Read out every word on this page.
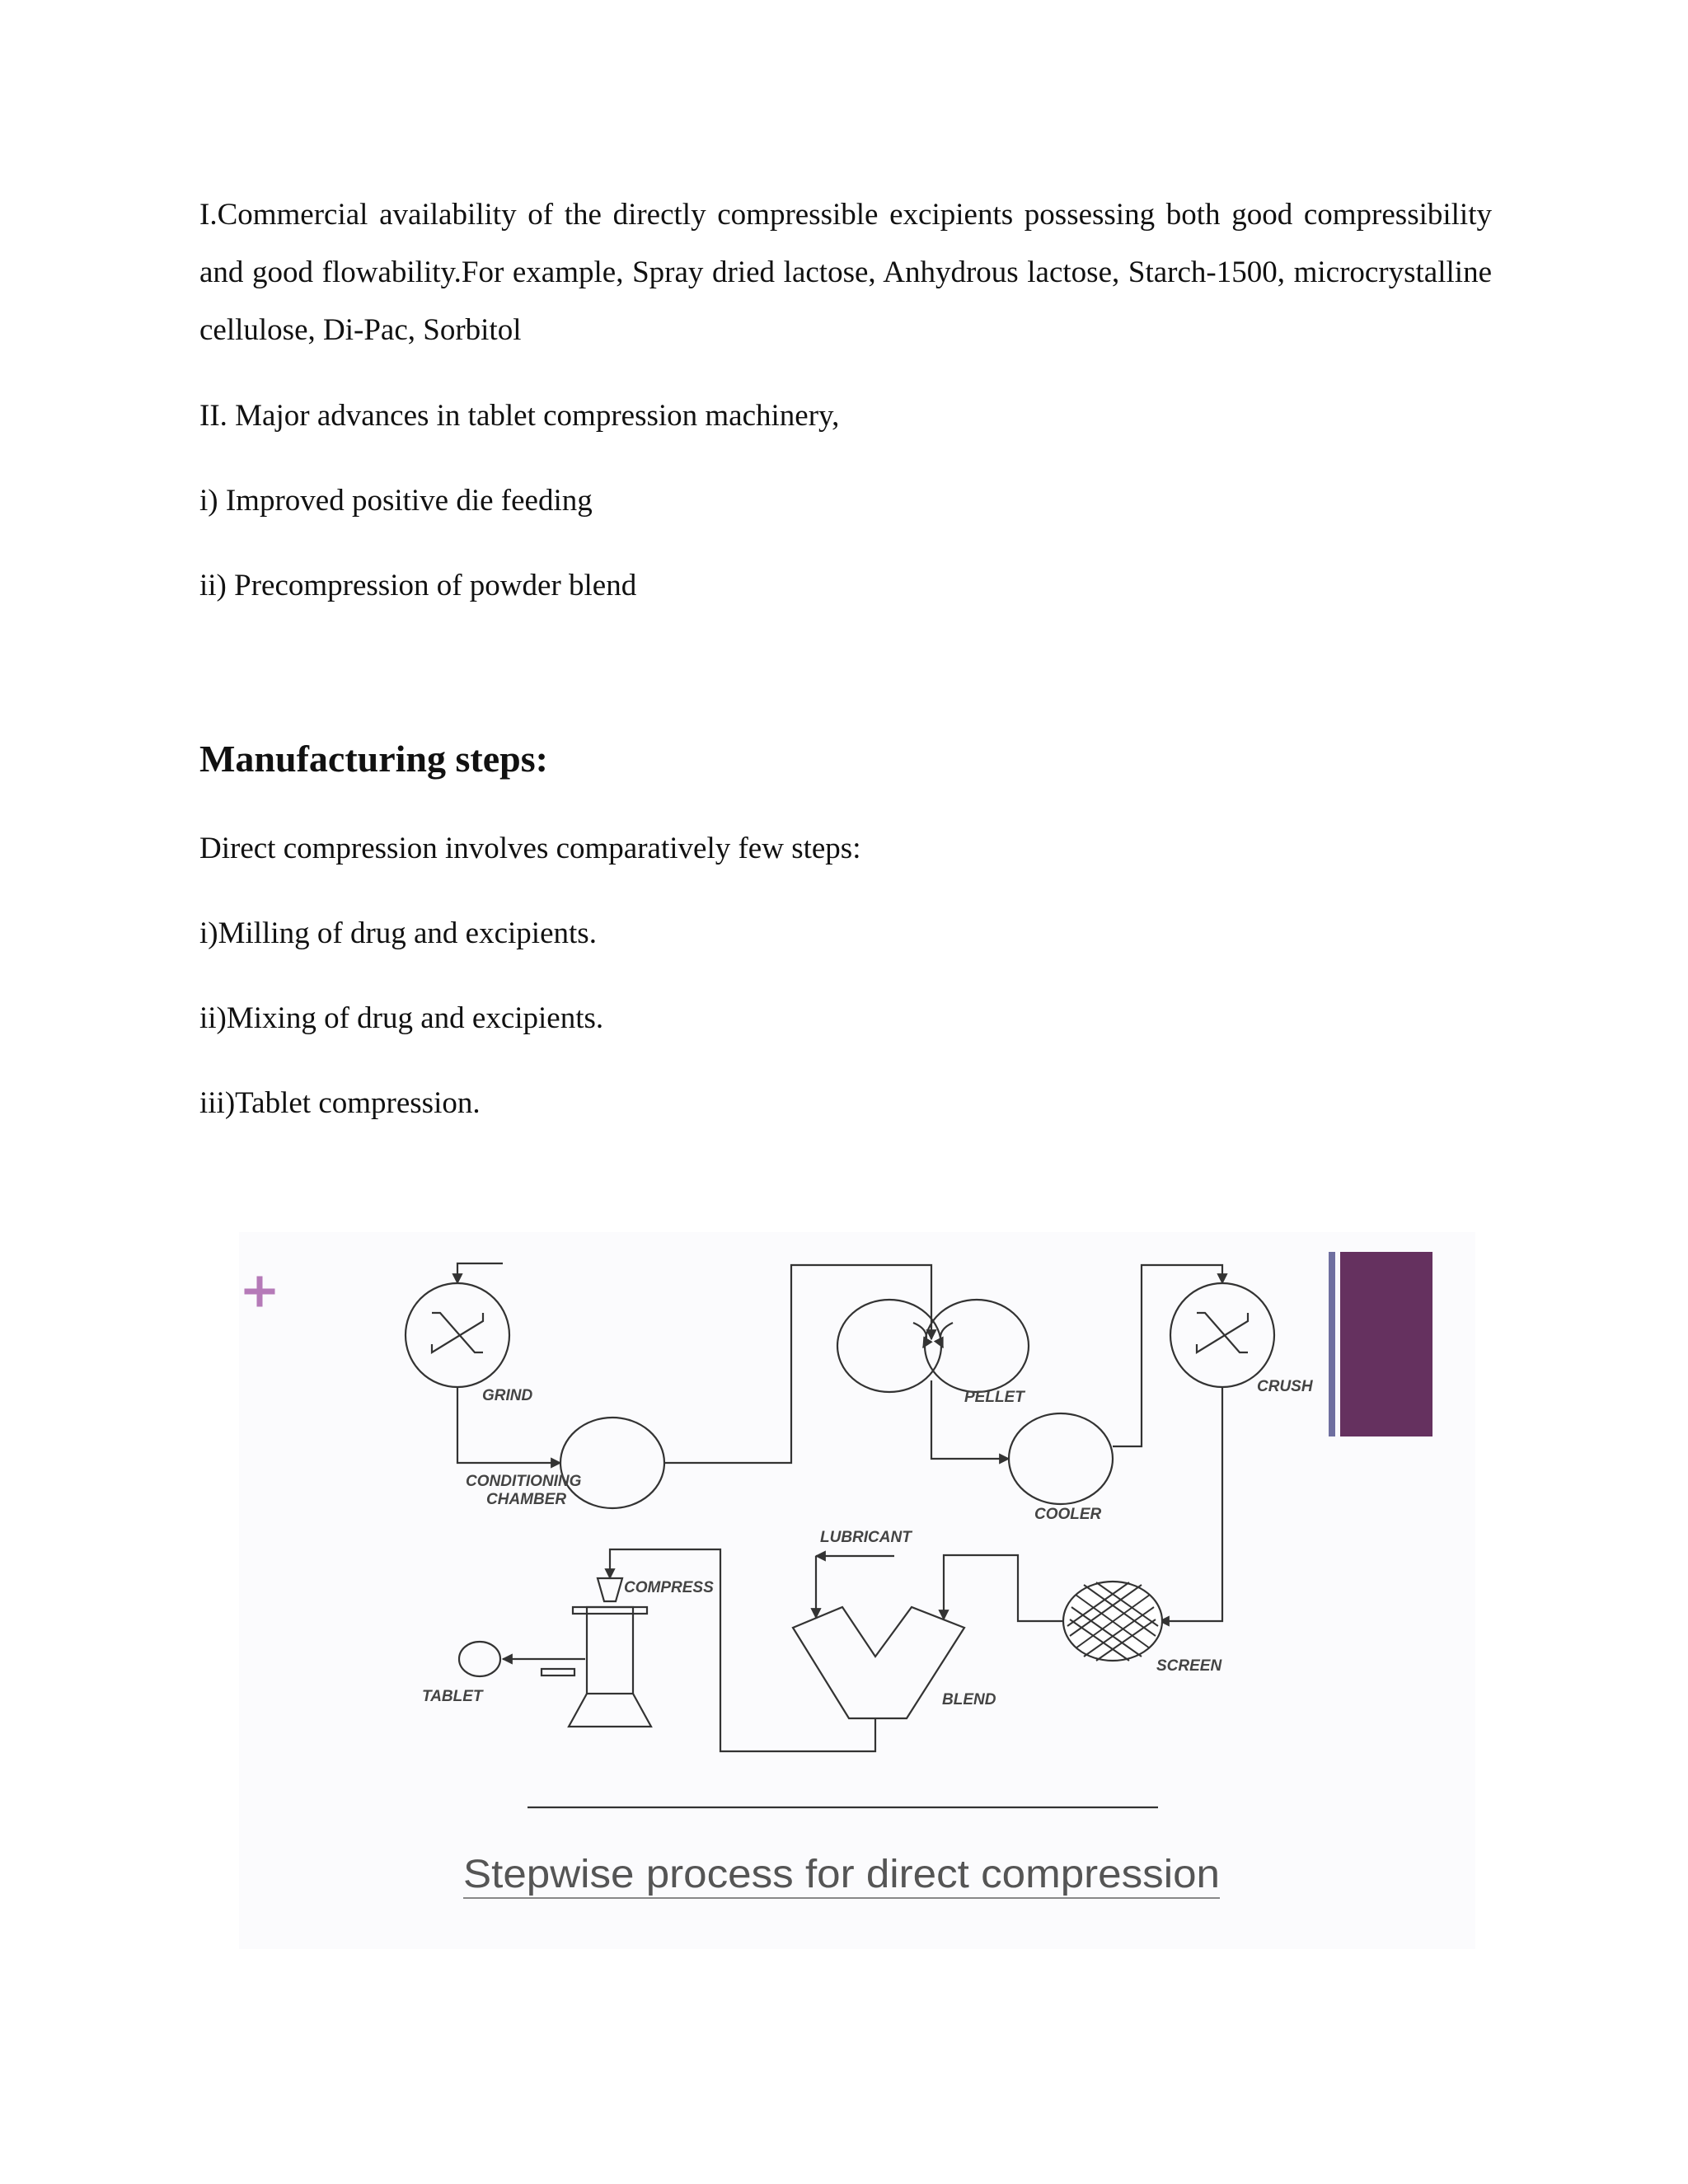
I.Commercial availability of the directly compressible excipients possessing both good compressibility and good flowability.For example, Spray dried lactose, Anhydrous lactose, Starch-1500, microcrystalline cellulose, Di-Pac, Sorbitol

II. Major advances in tablet compression machinery,

i) Improved positive die feeding

ii) Precompression of powder blend

Manufacturing steps:

Direct compression involves comparatively few steps:

i)Milling of drug and excipients.

ii)Mixing of drug and excipients.

iii)Tablet compression.

GRIND
CONDITIONING
CHAMBER
PELLET
COOLER
CRUSH
LUBRICANT
COMPRESS
TABLET	BLEND
SCREEN
Stepwise process for direct compression
